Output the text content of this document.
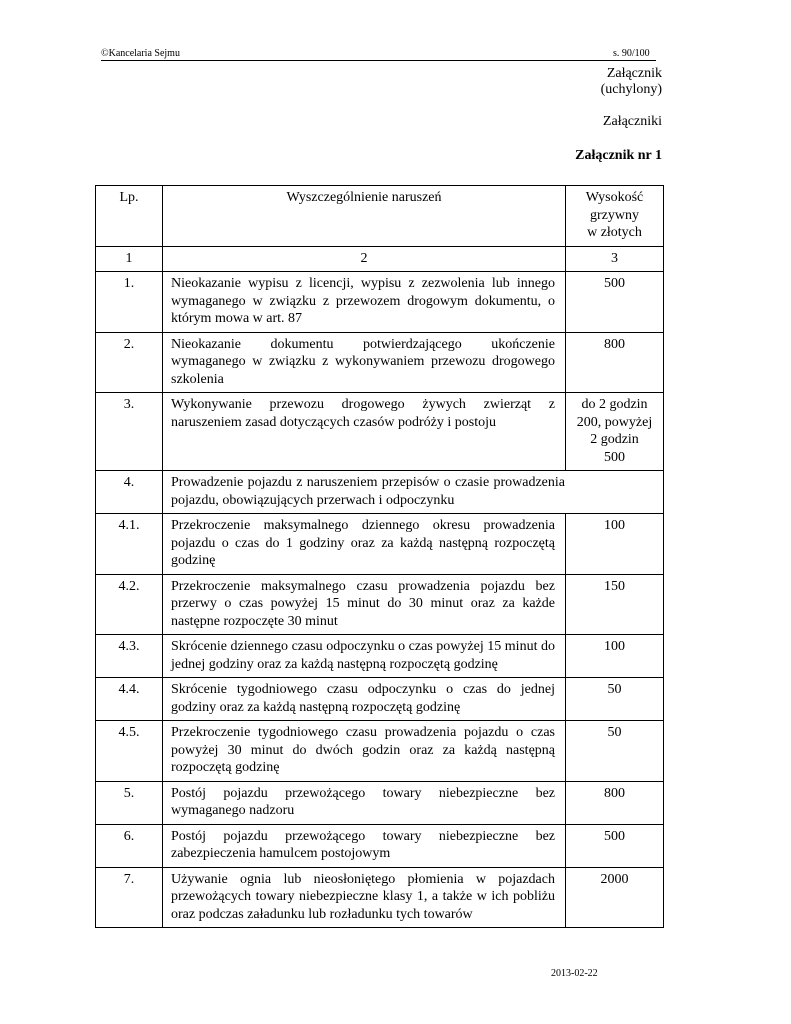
©Kancelaria Sejmu	s. 90/100
Załącznik
(uchylony)
Załączniki
Załącznik nr 1
Lp.	Wyszczególnienie naruszeń	Wysokość
grzywny
w złotych

1	2	3
1.	Nieokazanie wypisu z licencji, wypisu z zezwolenia lub innego wymaganego w związku z przewozem drogowym dokumentu, o którym mowa w art. 87	500
2.	Nieokazanie dokumentu potwierdzającego ukończenie wymaganego w związku z wykonywaniem przewozu drogowego szkolenia	800
3.	Wykonywanie przewozu drogowego żywych zwierząt z naruszeniem zasad dotyczących czasów podróży i postoju	do 2 godzin
200, powyżej
2 godzin
500

4.	Prowadzenie pojazdu z naruszeniem przepisów o czasie prowadzenia pojazdu, obowiązujących przerwach i odpoczynku	
4.1.	Przekroczenie maksymalnego dziennego okresu prowadzenia pojazdu o czas do 1 godziny oraz za każdą następną rozpoczętą godzinę	100
4.2.	Przekroczenie maksymalnego czasu prowadzenia pojazdu bez przerwy o czas powyżej 15 minut do 30 minut oraz za każde następne rozpoczęte 30 minut	150
4.3.	Skrócenie dziennego czasu odpoczynku o czas powyżej 15 minut do jednej godziny oraz za każdą następną rozpoczętą godzinę	100
4.4.	Skrócenie tygodniowego czasu odpoczynku o czas do jednej godziny oraz za każdą następną rozpoczętą godzinę	50
4.5.	Przekroczenie tygodniowego czasu prowadzenia pojazdu o czas powyżej 30 minut do dwóch godzin oraz za każdą następną rozpoczętą godzinę	50
5.	Postój pojazdu przewożącego towary niebezpieczne bez wymaganego nadzoru	800
6.	Postój pojazdu przewożącego towary niebezpieczne bez zabezpieczenia hamulcem postojowym	500
7.	Używanie ognia lub nieosłoniętego płomienia w pojazdach przewożących towary niebezpieczne klasy 1, a także w ich pobliżu oraz podczas załadunku lub rozładunku tych towarów	2000
2013-02-22
